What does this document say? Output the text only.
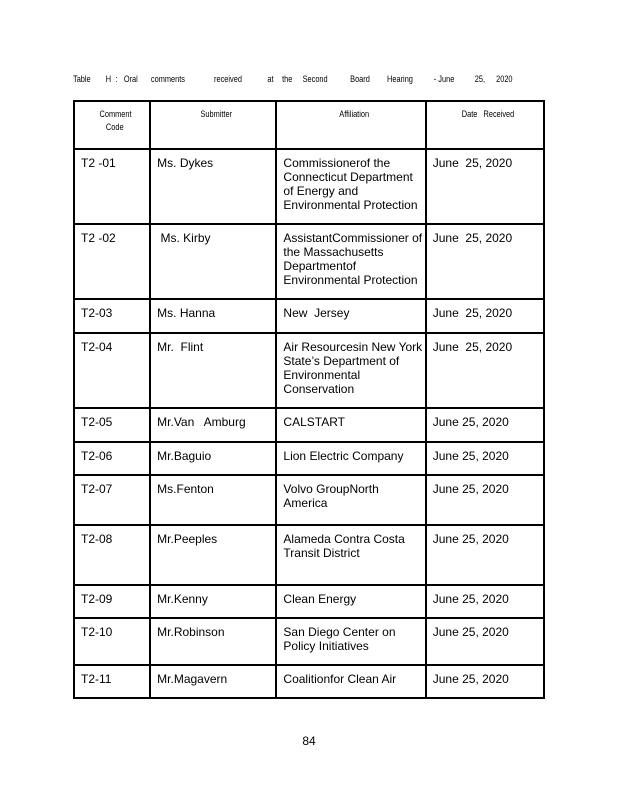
Table H : Oral comments	received	at the Second	Board Hearing - June 25, 2020
Comment
Code	Submitter	Affiliation	Date   Received
T2 -01	Ms. Dykes	Commissionerof the Connecticut Department of Energy and Environmental Protection	June  25, 2020
T2 -02	Ms. Kirby	AssistantCommissioner of the Massachusetts Departmentof Environmental Protection	June  25, 2020
T2-03	Ms. Hanna	New  Jersey	June  25, 2020
T2-04	Mr.  Flint	Air Resourcesin New York State’s Department of Environmental Conservation	June  25, 2020
T2-05	Mr.Van   Amburg	CALSTART	June 25, 2020
T2-06	Mr.Baguio	Lion Electric Company	June 25, 2020
T2-07	Ms.Fenton	Volvo GroupNorth America	June 25, 2020
T2-08	Mr.Peeples	Alameda Contra Costa Transit District	June 25, 2020
T2-09	Mr.Kenny	Clean Energy	June 25, 2020
T2-10	Mr.Robinson	San Diego Center on Policy Initiatives	June 25, 2020
T2-11	Mr.Magavern	Coalitionfor Clean Air	June 25, 2020
84
